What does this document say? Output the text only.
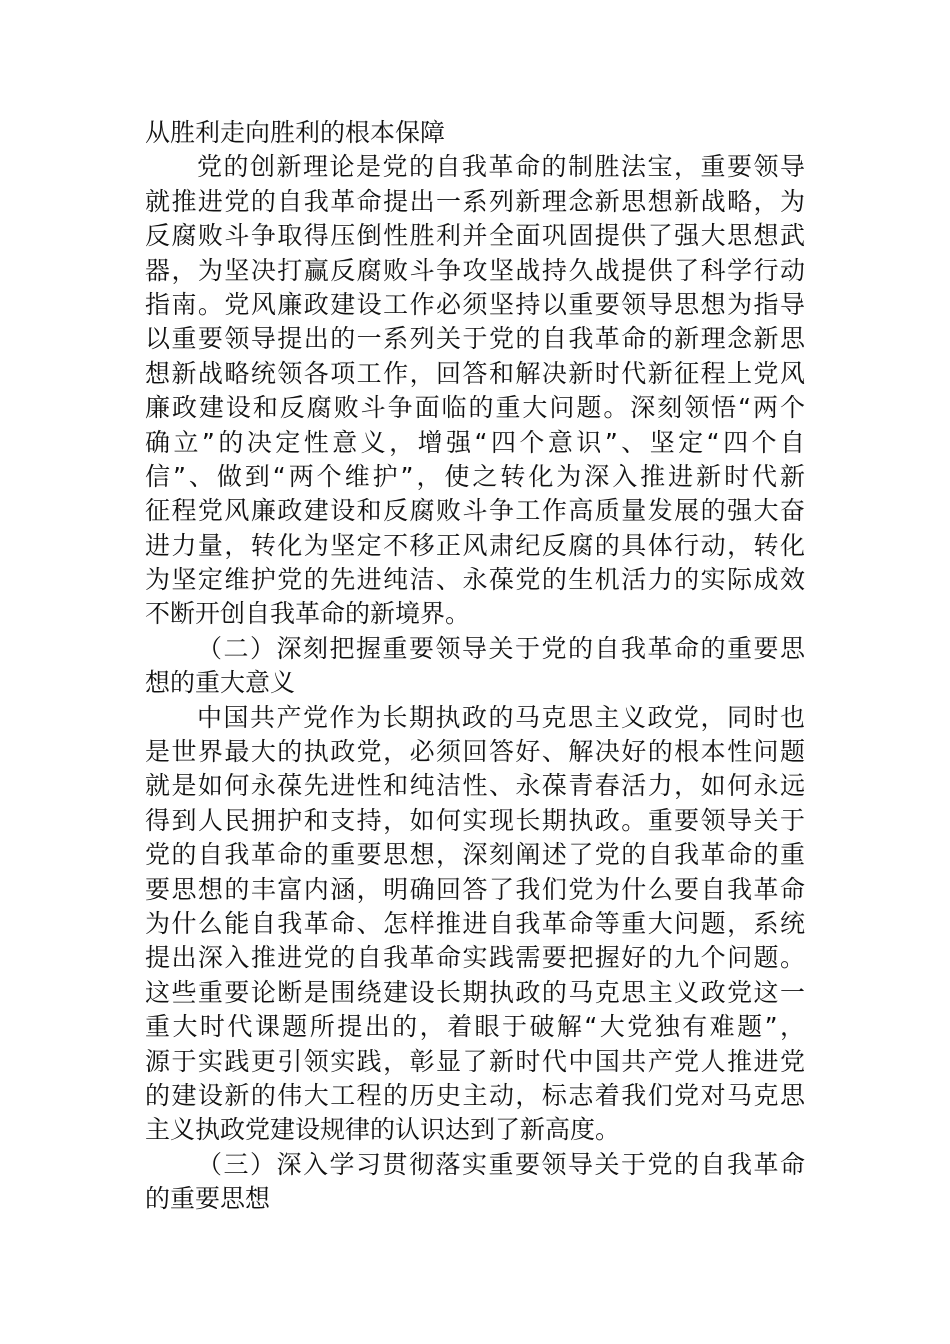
从胜利走向胜利的根本保障
党的创新理论是党的自我革命的制胜法宝，重要领导
就推进党的自我革命提出一系列新理念新思想新战略，为
反腐败斗争取得压倒性胜利并全面巩固提供了强大思想武
器，为坚决打赢反腐败斗争攻坚战持久战提供了科学行动
指南。党风廉政建设工作必须坚持以重要领导思想为指导
以重要领导提出的一系列关于党的自我革命的新理念新思
想新战略统领各项工作，回答和解决新时代新征程上党风
廉政建设和反腐败斗争面临的重大问题。深刻领悟“两个
确立”的决定性意义，增强“四个意识”、坚定“四个自
信”、做到“两个维护”，使之转化为深入推进新时代新
征程党风廉政建设和反腐败斗争工作高质量发展的强大奋
进力量，转化为坚定不移正风肃纪反腐的具体行动，转化
为坚定维护党的先进纯洁、永葆党的生机活力的实际成效
不断开创自我革命的新境界。
（二）深刻把握重要领导关于党的自我革命的重要思
想的重大意义
中国共产党作为长期执政的马克思主义政党，同时也
是世界最大的执政党，必须回答好、解决好的根本性问题
就是如何永葆先进性和纯洁性、永葆青春活力，如何永远
得到人民拥护和支持，如何实现长期执政。重要领导关于
党的自我革命的重要思想，深刻阐述了党的自我革命的重
要思想的丰富内涵，明确回答了我们党为什么要自我革命
为什么能自我革命、怎样推进自我革命等重大问题，系统
提出深入推进党的自我革命实践需要把握好的九个问题。
这些重要论断是围绕建设长期执政的马克思主义政党这一
重大时代课题所提出的，着眼于破解“大党独有难题”，
源于实践更引领实践，彰显了新时代中国共产党人推进党
的建设新的伟大工程的历史主动，标志着我们党对马克思
主义执政党建设规律的认识达到了新高度。
（三）深入学习贯彻落实重要领导关于党的自我革命
的重要思想
